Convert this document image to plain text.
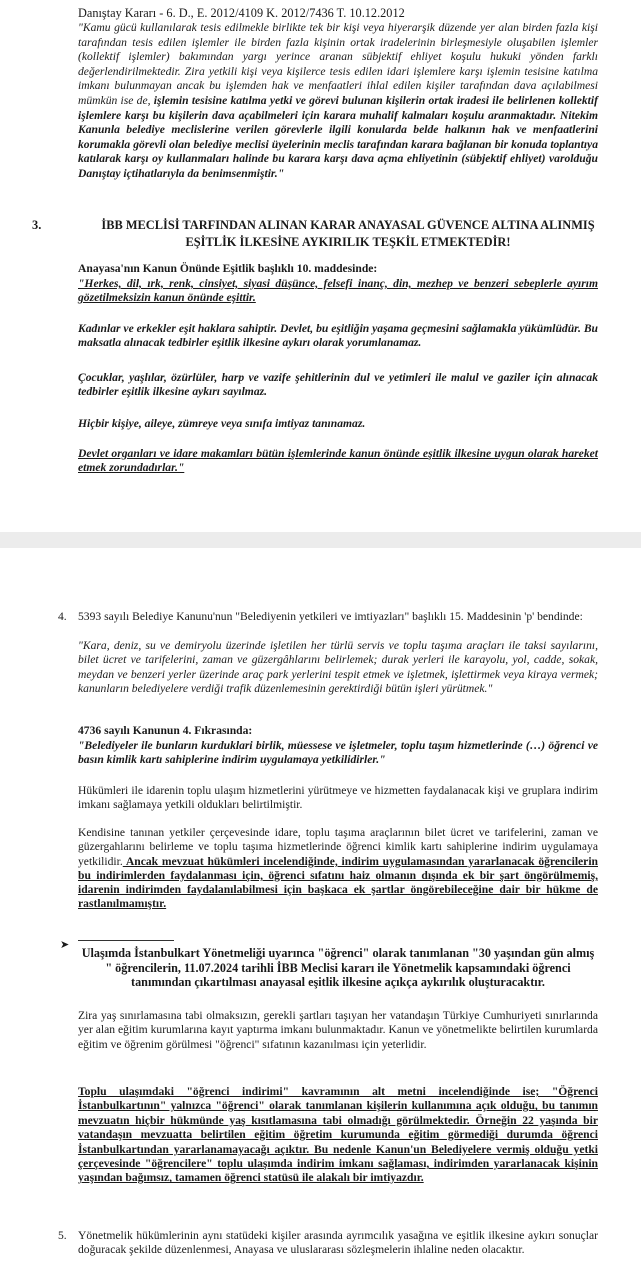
Danıştay Kararı - 6. D., E. 2012/4109 K. 2012/7436 T. 10.12.2012
"Kamu gücü kullanılarak tesis edilmekle birlikte tek bir kişi veya hiyerarşik düzende yer alan birden fazla kişi tarafından tesis edilen işlemler ile birden fazla kişinin ortak iradelerinin birleşmesiyle oluşabilen işlemler (kollektif işlemler) bakımından yargı yerince aranan sübjektif ehliyet koşulu hukuki yönden farklı değerlendirilmektedir. Zira yetkili kişi veya kişilerce tesis edilen idari işlemlere karşı işlemin tesisine katılma imkanı bulunmayan ancak bu işlemden hak ve menfaatleri ihlal edilen kişiler tarafından dava açılabilmesi mümkün ise de, işlemin tesisine katılma yetki ve görevi bulunan kişilerin ortak iradesi ile belirlenen kollektif işlemlere karşı bu kişilerin dava açabilmeleri için karara muhalif kalmaları koşulu aranmaktadır. Nitekim Kanunla belediye meclislerine verilen görevlerle ilgili konularda belde halkının hak ve menfaatlerini korumakla görevli olan belediye meclisi üyelerinin meclis tarafından karara bağlanan bir konuda toplantıya katılarak karşı oy kullanmaları halinde bu karara karşı dava açma ehliyetinin (sübjektif ehliyet) varolduğu Danıştay içtihatlarıyla da benimsenmiştir."
3.	İBB MECLİSİ TARFINDAN ALINAN KARAR ANAYASAL GÜVENCE ALTINA ALINMIŞ EŞİTLİK İLKESİNE AYKIRILIK TEŞKİL ETMEKTEDİR!
Anayasa'nın Kanun Önünde Eşitlik başlıklı 10. maddesinde:
"Herkes, dil, ırk, renk, cinsiyet, siyasi düşünce, felsefi inanç, din, mezhep ve benzeri sebeplerle ayırım gözetilmeksizin kanun önünde eşittir.
Kadınlar ve erkekler eşit haklara sahiptir. Devlet, bu eşitliğin yaşama geçmesini sağlamakla yükümlüdür. Bu maksatla alınacak tedbirler eşitlik ilkesine aykırı olarak yorumlanamaz.
Çocuklar, yaşlılar, özürlüler, harp ve vazife şehitlerinin dul ve yetimleri ile malul ve gaziler için alınacak tedbirler eşitlik ilkesine aykırı sayılmaz.
Hiçbir kişiye, aileye, zümreye veya sınıfa imtiyaz tanınamaz.
Devlet organları ve idare makamları bütün işlemlerinde kanun önünde eşitlik ilkesine uygun olarak hareket etmek zorundadırlar."
4. 5393 sayılı Belediye Kanunu'nun "Belediyenin yetkileri ve imtiyazları" başlıklı 15. Maddesinin 'p' bendinde:
"Kara, deniz, su ve demiryolu üzerinde işletilen her türlü servis ve toplu taşıma araçları ile taksi sayılarını, bilet ücret ve tarifelerini, zaman ve güzergâhlarını belirlemek; durak yerleri ile karayolu, yol, cadde, sokak, meydan ve benzeri yerler üzerinde araç park yerlerini tespit etmek ve işletmek, işlettirmek veya kiraya vermek; kanunların belediyelere verdiği trafik düzenlemesinin gerektirdiği bütün işleri yürütmek."
4736 sayılı Kanunun 4. Fıkrasında:
"Belediyeler ile bunların kurduklari birlik, müessese ve işletmeler, toplu taşım hizmetlerinde (…) öğrenci ve basın kimlik kartı sahiplerine indirim uygulamaya yetkilidirler."
Hükümleri ile idarenin toplu ulaşım hizmetlerini yürütmeye ve hizmetten faydalanacak kişi ve gruplara indirim imkanı sağlamaya yetkili oldukları belirtilmiştir.
Kendisine tanınan yetkiler çerçevesinde idare, toplu taşıma araçlarının bilet ücret ve tarifelerini, zaman ve güzergahlarını belirleme ve toplu taşıma hizmetlerinde öğrenci kimlik kartı sahiplerine indirim uygulamaya yetkilidir. Ancak mevzuat hükümleri incelendiğinde, indirim uygulamasından yararlanacak öğrencilerin bu indirimlerden faydalanması için, öğrenci sıfatını haiz olmanın dışında ek bir şart öngörülmemiş, idarenin indirimden faydalanılabilmesi için başkaca ek şartlar öngörebileceğine dair bir hükme de rastlanılmamıştır.
➤
Ulaşımda İstanbulkart Yönetmeliği uyarınca "öğrenci" olarak tanımlanan "30 yaşından gün almış " öğrencilerin, 11.07.2024 tarihli İBB Meclisi kararı ile Yönetmelik kapsamındaki öğrenci tanımından çıkartılması anayasal eşitlik ilkesine açıkça aykırılık oluşturacaktır.
Zira yaş sınırlamasına tabi olmaksızın, gerekli şartları taşıyan her vatandaşın Türkiye Cumhuriyeti sınırlarında yer alan eğitim kurumlarına kayıt yaptırma imkanı bulunmaktadır. Kanun ve yönetmelikte belirtilen kurumlarda eğitim ve öğrenim görülmesi "öğrenci" sıfatının kazanılması için yeterlidir.
Toplu ulaşımdaki "öğrenci indirimi" kavramının alt metni incelendiğinde ise; "Öğrenci İstanbulkartının" yalnızca "öğrenci" olarak tanımlanan kişilerin kullanımına açık olduğu, bu tanımın mevzuatın hiçbir hükmünde yaş kısıtlamasına tabi olmadığı görülmektedir. Örneğin 22 yaşında bir vatandaşın mevzuatta belirtilen eğitim öğretim kurumunda eğitim görmediği durumda öğrenci İstanbulkartından yararlanamayacağı açıktır. Bu nedenle Kanun'un Belediyelere vermiş olduğu yetki çerçevesinde "öğrencilere" toplu ulaşımda indirim imkanı sağlaması, indirimden yararlanacak kişinin yaşından bağımsız, tamamen öğrenci statüsü ile alakalı bir imtiyazdır.
5. Yönetmelik hükümlerinin aynı statüdeki kişiler arasında ayrımcılık yasağına ve eşitlik ilkesine aykırı sonuçlar doğuracak şekilde düzenlenmesi, Anayasa ve uluslararası sözleşmelerin ihlaline neden olacaktır.
